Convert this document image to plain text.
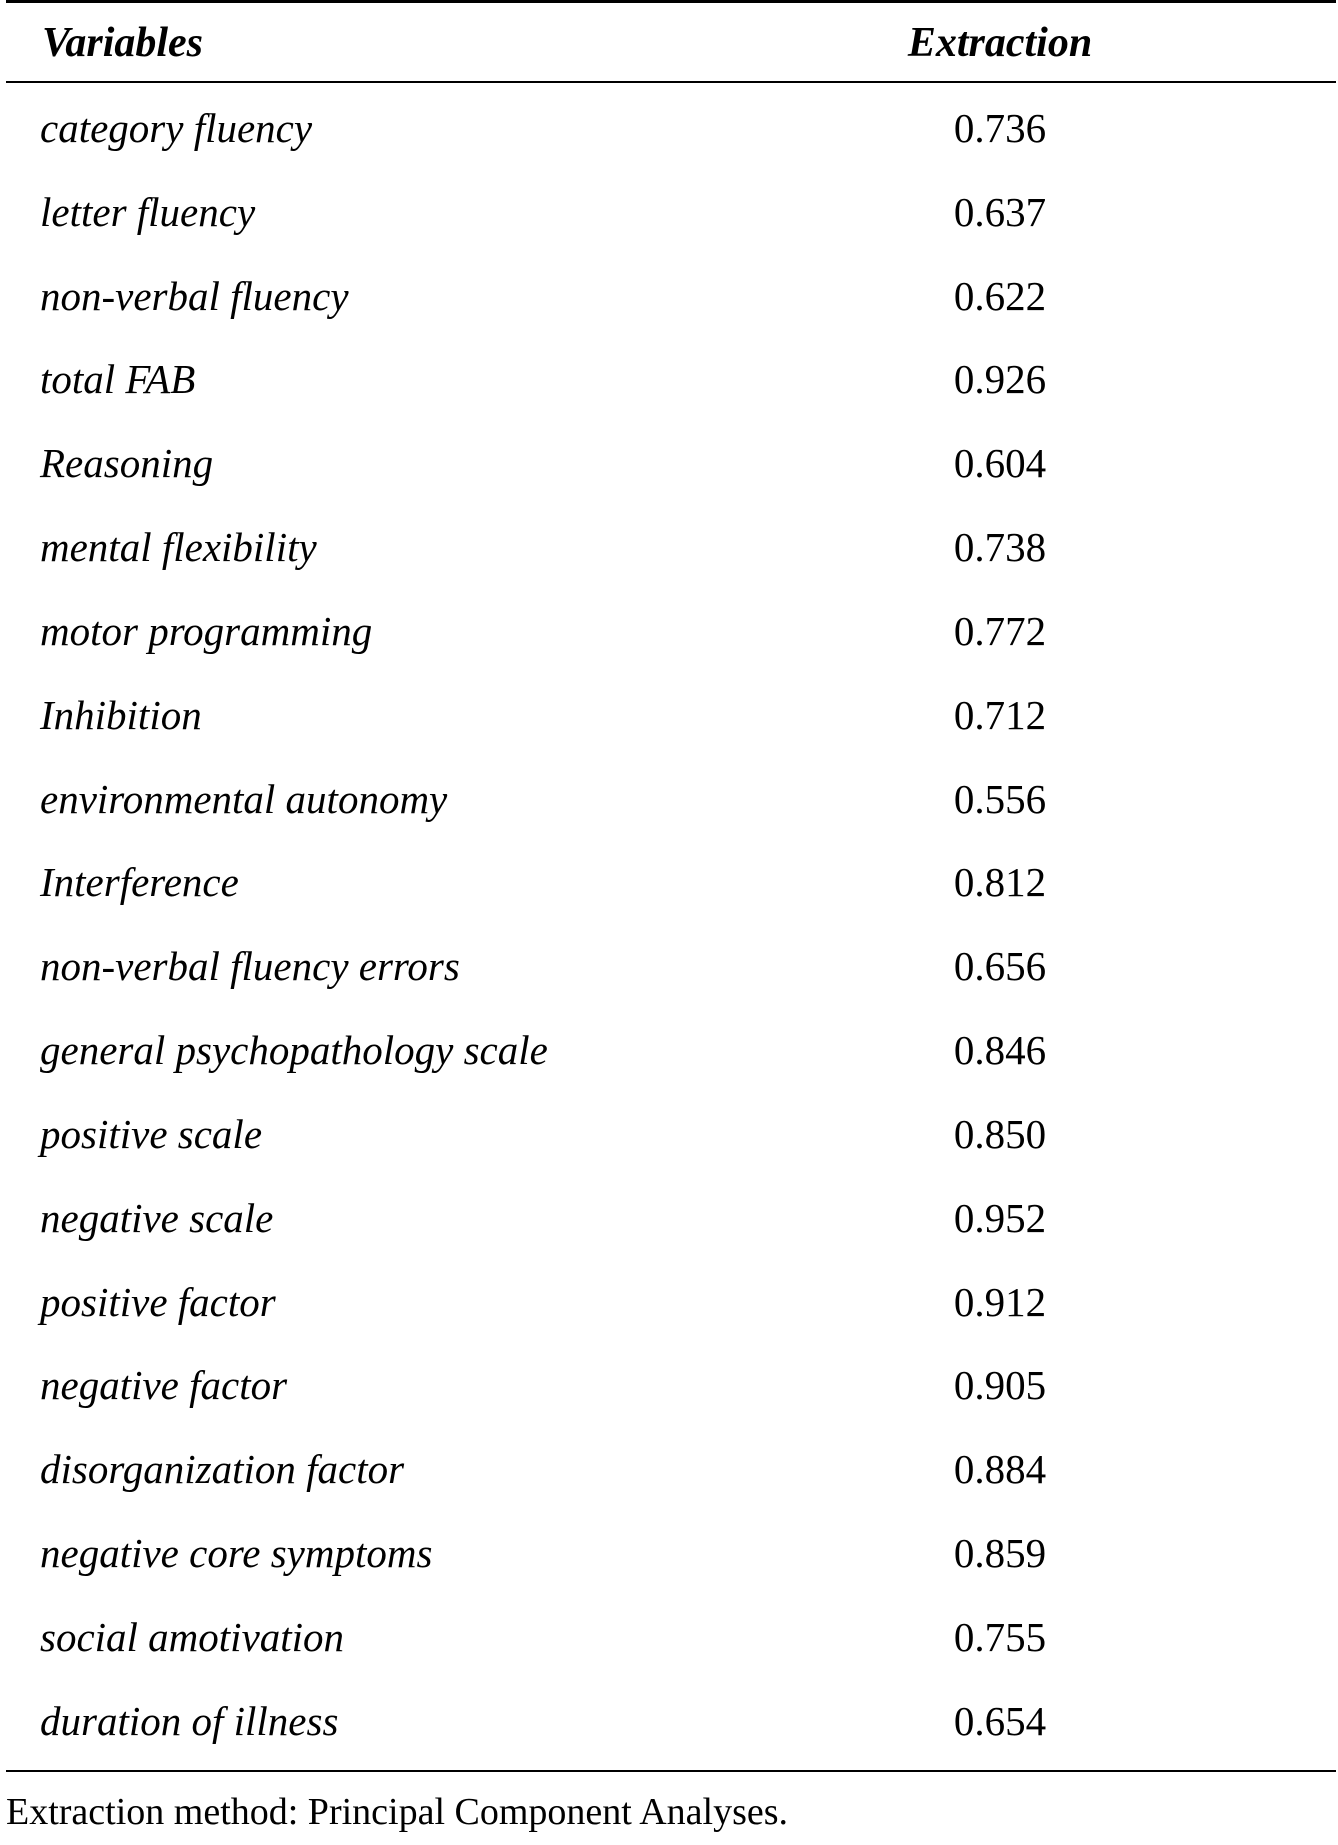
Variables	Extraction
category fluency	0.736
letter fluency	0.637
non-verbal fluency	0.622
total FAB	0.926
Reasoning	0.604
mental flexibility	0.738
motor programming	0.772
Inhibition	0.712
environmental autonomy	0.556
Interference	0.812
non-verbal fluency errors	0.656
general psychopathology scale	0.846
positive scale	0.850
negative scale	0.952
positive factor	0.912
negative factor	0.905
disorganization factor	0.884
negative core symptoms	0.859
social amotivation	0.755
duration of illness	0.654
Extraction method: Principal Component Analyses.
